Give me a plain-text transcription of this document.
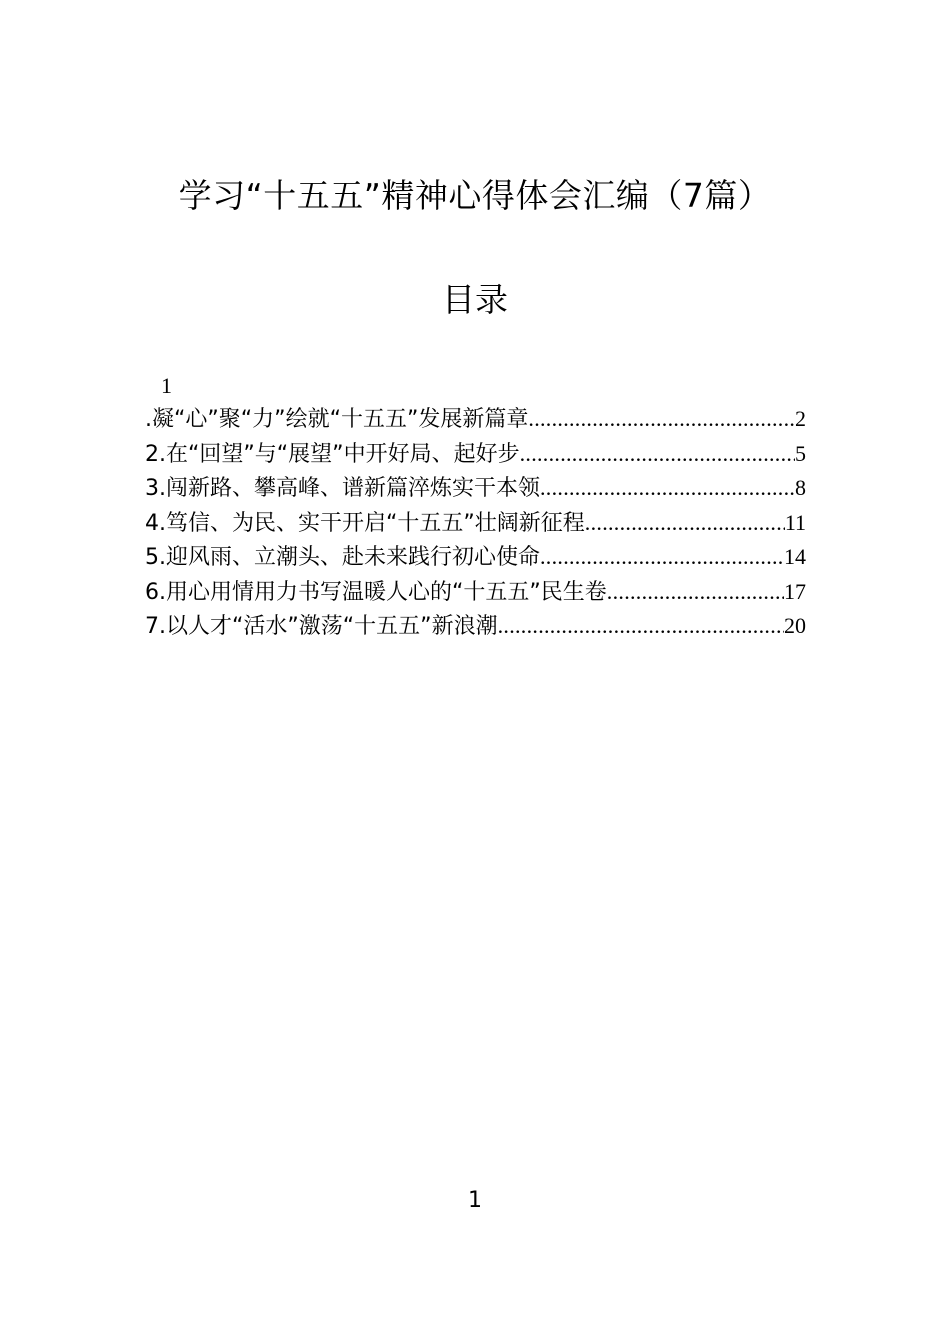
学习“十五五”精神心得体会汇编（7篇）
目录
1
.凝“心”聚“力”绘就“十五五”发展新篇章 .....	2
2.在“回望”与“展望”中开好局、起好步 .....	5
3.闯新路、攀高峰、谱新篇淬炼实干本领 .....	8
4.笃信、为民、实干开启“十五五”壮阔新征程 .....	11
5.迎风雨、立潮头、赴未来践行初心使命 .....	14
6.用心用情用力书写温暖人心的“十五五”民生卷 .....	17
7.以人才“活水”激荡“十五五”新浪潮 .....	20
1
